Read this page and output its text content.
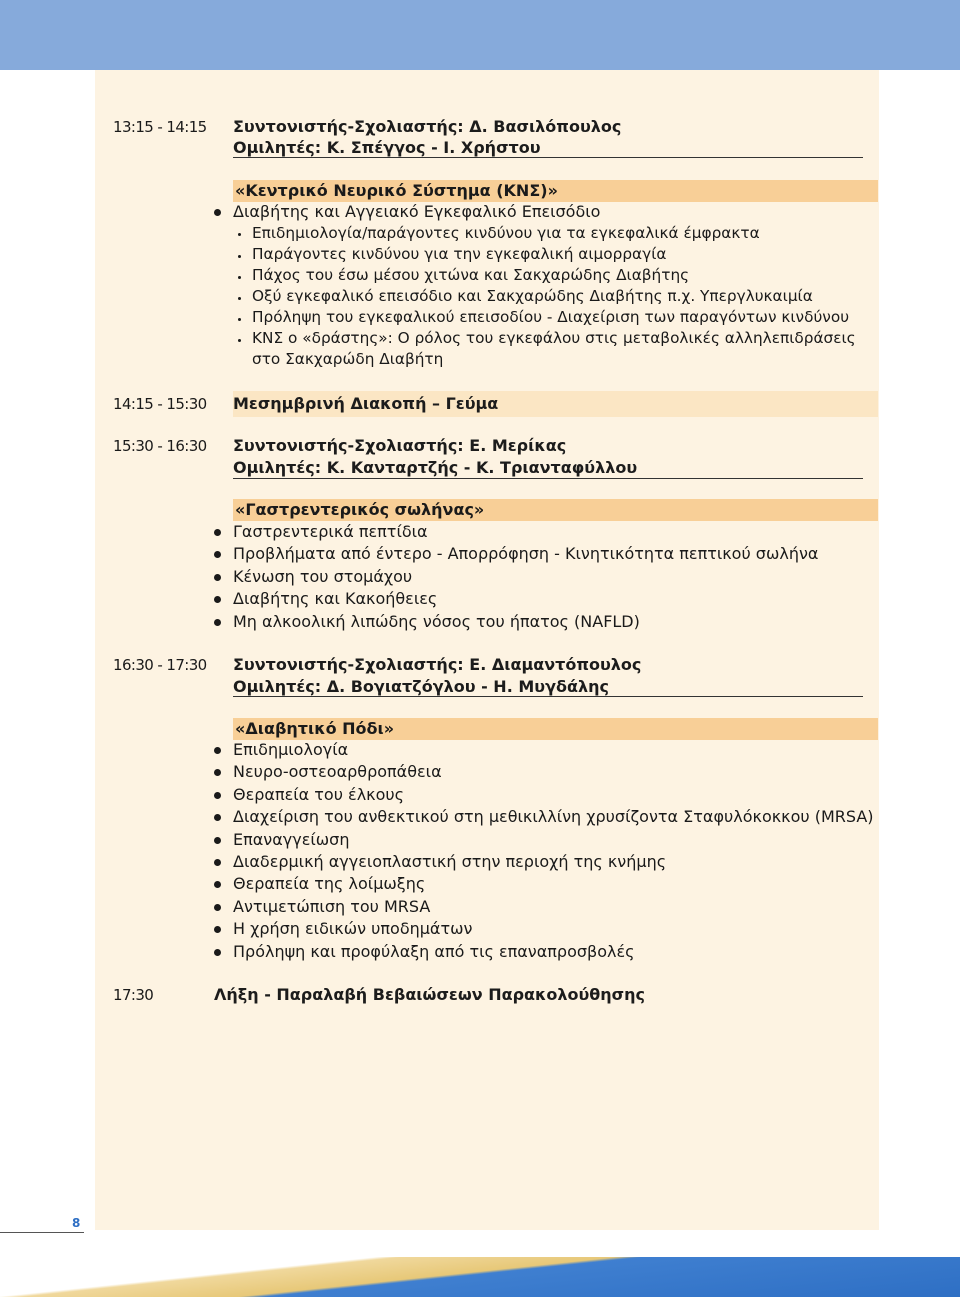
13:15 - 14:15 Συντονιστής-Σχολιαστής: Δ. Βασιλόπουλος
Ομιλητές: Κ. Σπέγγος - Ι. Χρήστου
«Κεντρικό Νευρικό Σύστημα (ΚΝΣ)»
Διαβήτης και Αγγειακό Εγκεφαλικό Επεισόδιο
Επιδημιολογία/παράγοντες κινδύνου για τα εγκεφαλικά έμφρακτα
Παράγοντες κινδύνου για την εγκεφαλική αιμορραγία
Πάχος του έσω μέσου χιτώνα και Σακχαρώδης Διαβήτης
Οξύ εγκεφαλικό επεισόδιο και Σακχαρώδης Διαβήτης π.χ. Υπεργλυκαιμία
Πρόληψη του εγκεφαλικού επεισοδίου - Διαχείριση των παραγόντων κινδύνου
ΚΝΣ ο «δράστης»: Ο ρόλος του εγκεφάλου στις μεταβολικές αλληλεπιδράσεις
στο Σακχαρώδη Διαβήτη
14:15 - 15:30 Μεσημβρινή Διακοπή – Γεύμα
15:30 - 16:30 Συντονιστής-Σχολιαστής: Ε. Μερίκας
Ομιλητές: Κ. Κανταρτζής - Κ. Τριανταφύλλου
«Γαστρεντερικός σωλήνας»
Γαστρεντερικά πεπτίδια
Προβλήματα από έντερο - Απορρόφηση - Κινητικότητα πεπτικού σωλήνα
Κένωση του στομάχου
Διαβήτης και Κακοήθειες
Μη αλκοολική λιπώδης νόσος του ήπατος (NAFLD)
16:30 - 17:30 Συντονιστής-Σχολιαστής: Ε. Διαμαντόπουλος
Ομιλητές: Δ. Βογιατζόγλου - Η. Μυγδάλης
«Διαβητικό Πόδι»
Επιδημιολογία
Νευρο-οστεοαρθροπάθεια
Θεραπεία του έλκους
Διαχείριση του ανθεκτικού στη μεθικιλλίνη χρυσίζοντα Σταφυλόκοκκου (MRSA)
Επαναγγείωση
Διαδερμική αγγειοπλαστική στην περιοχή της κνήμης
Θεραπεία της λοίμωξης
Αντιμετώπιση του MRSA
Η χρήση ειδικών υποδημάτων
Πρόληψη και προφύλαξη από τις επαναπροσβολές
17:30	Λήξη - Παραλαβή Βεβαιώσεων Παρακολούθησης
8
